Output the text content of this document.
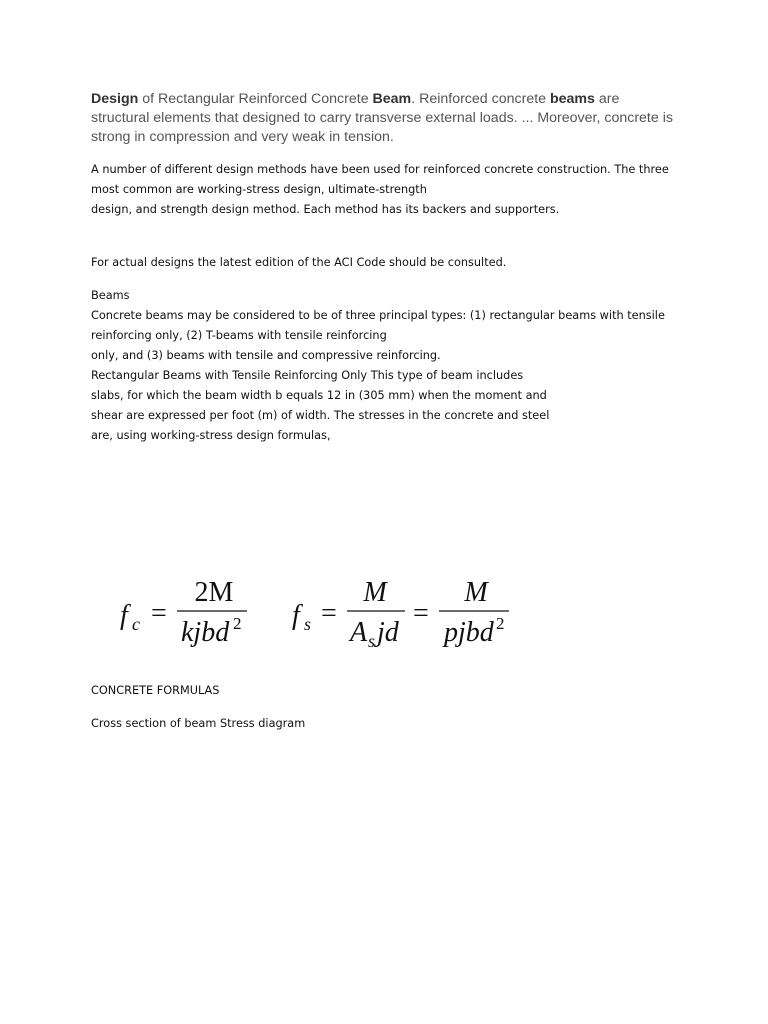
Design of Rectangular Reinforced Concrete Beam. Reinforced concrete beams are structural elements that designed to carry transverse external loads. ... Moreover, concrete is strong in compression and very weak in tension.
A number of different design methods have been used for reinforced concrete construction. The three
most common are working-stress design, ultimate-strength
design, and strength design method. Each method has its backers and supporters.
For actual designs the latest edition of the ACI Code should be consulted.
Beams
Concrete beams may be considered to be of three principal types: (1) rectangular beams with tensile
reinforcing only, (2) T-beams with tensile reinforcing
only, and (3) beams with tensile and compressive reinforcing.
Rectangular Beams with Tensile Reinforcing Only This type of beam includes
slabs, for which the beam width b equals 12 in (305 mm) when the moment and
shear are expressed per foot (m) of width. The stresses in the concrete and steel
are, using working-stress design formulas,
f c =
2M
kjbd 2 f s =
M
A s jd
=
M
pjbd 2
CONCRETE FORMULAS
Cross section of beam Stress diagram
